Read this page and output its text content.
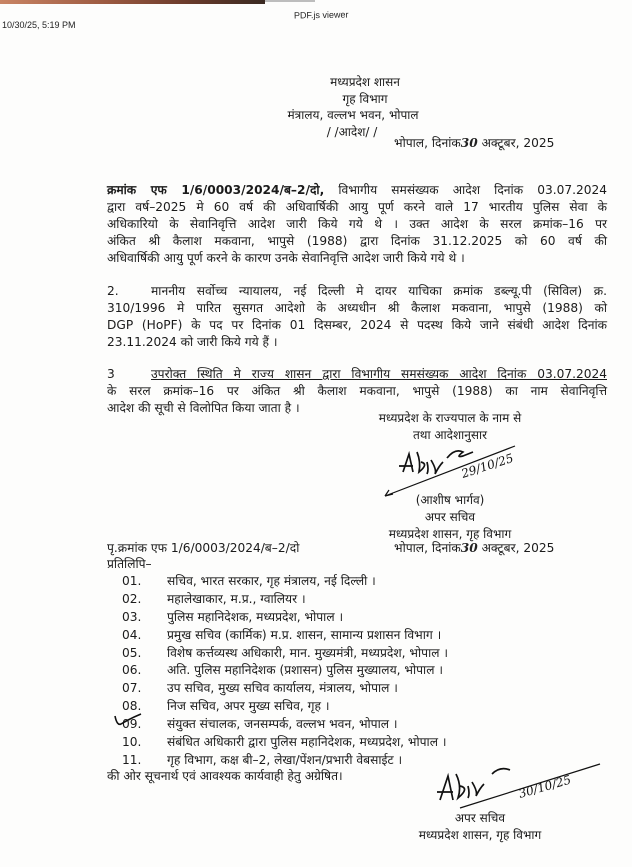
10/30/25, 5:19 PM
PDF.js viewer
मध्यप्रदेश शासन
गृह विभाग
मंत्रालय, वल्लभ भवन, भोपाल
/ /आदेश/ /
भोपाल, दिनांक30 अक्टूबर, 2025
क्रमांक एफ 1/6/0003/2024/ब–2/दो, विभागीय समसंख्यक आदेश दिनांक 03.07.2024
द्वारा वर्ष–2025 मे 60 वर्ष की अधिवार्षिकी आयु पूर्ण करने वाले 17 भारतीय पुलिस सेवा के
अधिकारियो के सेवानिवृत्ति आदेश जारी किये गये थे । उक्त आदेश के सरल क्रमांक–16 पर
अंकित श्री कैलाश मकवाना, भापुसे (1988) द्वारा दिनांक 31.12.2025 को 60 वर्ष की
अधिवार्षिकी आयु पूर्ण करने के कारण उनके सेवानिवृत्ति आदेश जारी किये गये थे ।
2.	माननीय सर्वोच्च न्यायालय, नई दिल्ली मे दायर याचिका क्रमांक डब्ल्यू.पी (सिविल) क्र.
310/1996 मे पारित सुसगत आदेशो के अध्यधीन श्री कैलाश मकवाना, भापुसे (1988) को
DGP (HoPF) के पद पर दिनांक 01 दिसम्बर, 2024 से पदस्थ किये जाने संबंधी आदेश दिनांक
23.11.2024 को जारी किये गये हैं ।
3	उपरोक्त स्थिति मे राज्य शासन द्वारा विभागीय समसंख्यक आदेश दिनांक 03.07.2024
के सरल क्रमांक–16 पर अंकित श्री कैलाश मकवाना, भापुसे (1988) का नाम सेवानिवृत्ति
आदेश की सूची से विलोपित किया जाता है ।
मध्यप्रदेश के राज्यपाल के नाम से
तथा आदेशानुसार
29/10/25
(आशीष भार्गव)
अपर सचिव
मध्यप्रदेश शासन, गृह विभाग
पृ.क्रमांक एफ 1/6/0003/2024/ब–2/दो	भोपाल, दिनांक30 अक्टूबर, 2025
प्रतिलिपि–
01.	सचिव, भारत सरकार, गृह मंत्रालय, नई दिल्ली ।
02.	महालेखाकार, म.प्र., ग्वालियर ।
03.	पुलिस महानिदेशक, मध्यप्रदेश, भोपाल ।
04.	प्रमुख सचिव (कार्मिक) म.प्र. शासन, सामान्य प्रशासन विभाग ।
05.	विशेष कर्त्तव्यस्थ अधिकारी, मान. मुख्यमंत्री, मध्यप्रदेश, भोपाल ।
06.	अति. पुलिस महानिदेशक (प्रशासन) पुलिस मुख्यालय, भोपाल ।
07.	उप सचिव, मुख्य सचिव कार्यालय, मंत्रालय, भोपाल ।
08.	निज सचिव, अपर मुख्य सचिव, गृह ।
09.	संयुक्त संचालक, जनसम्पर्क, वल्लभ भवन, भोपाल ।
10.	संबंधित अधिकारी द्वारा पुलिस महानिदेशक, मध्यप्रदेश, भोपाल ।
11.	गृह विभाग, कक्ष बी–2, लेखा/पेंशन/प्रभारी वेबसाईट ।
की ओर सूचनार्थ एवं आवश्यक कार्यवाही हेतु अग्रेषित।	30/10/25
अपर सचिव
मध्यप्रदेश शासन, गृह विभाग
